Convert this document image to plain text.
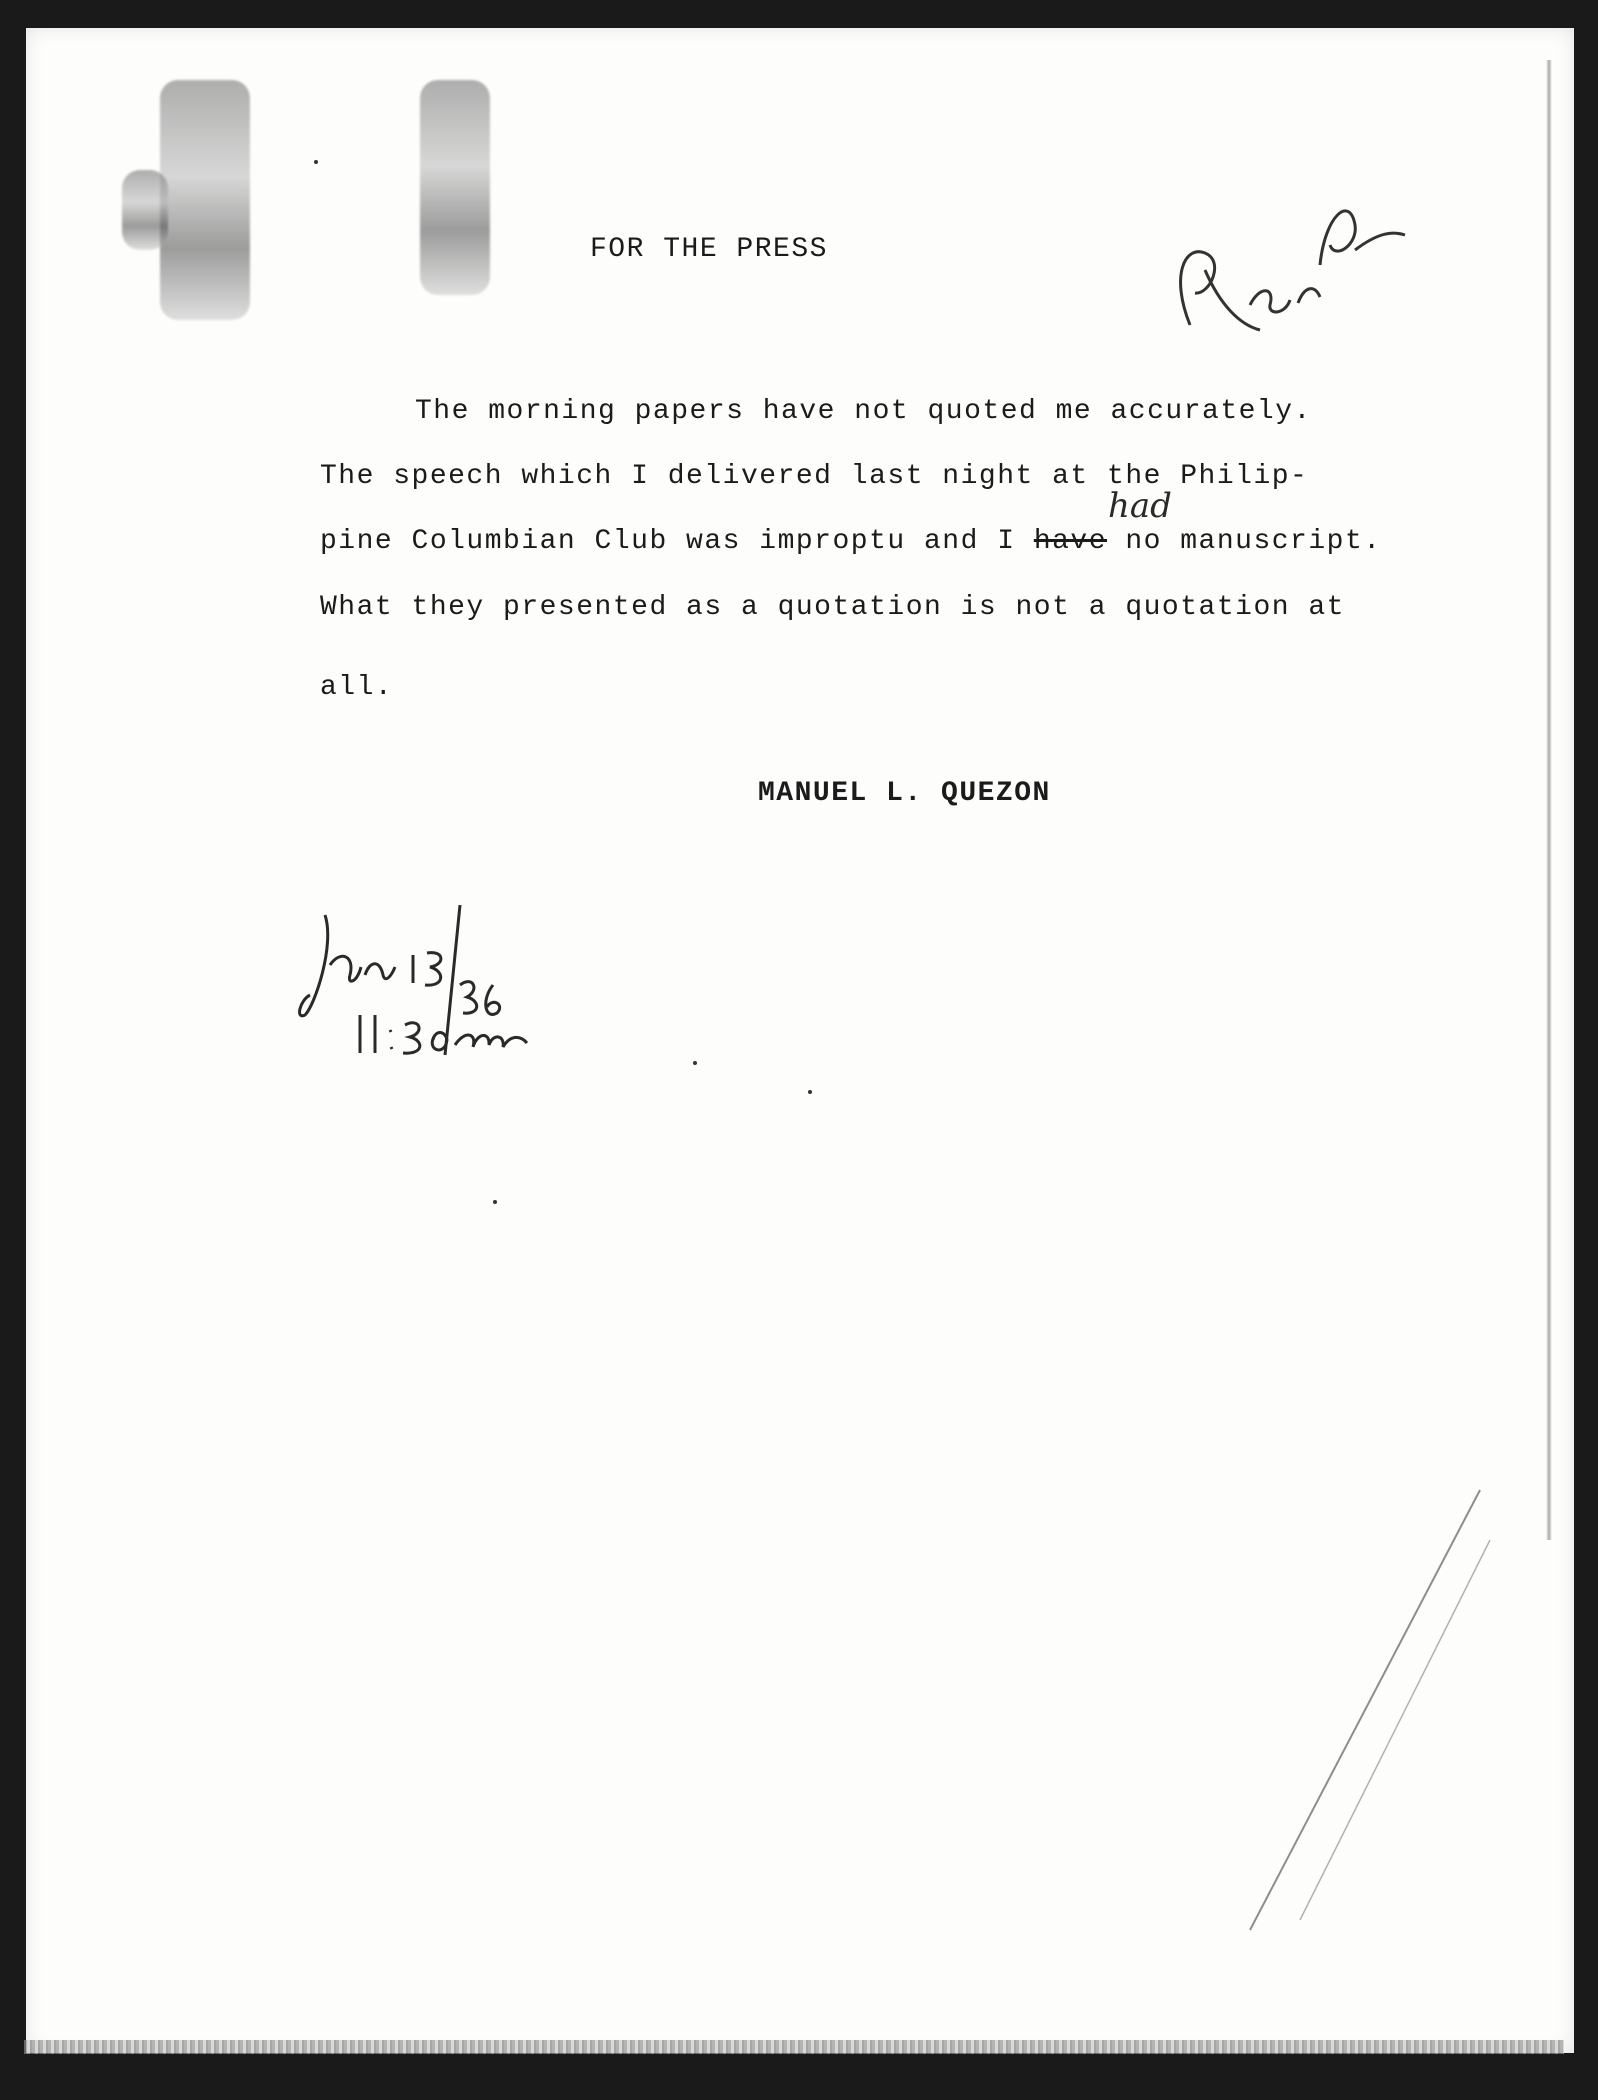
FOR THE PRESS
The morning papers have not quoted me accurately.
The speech which I delivered last night at the Philip-
pine Columbian Club was improptu and I have no manuscript.
What they presented as a quotation is not a quotation at
all.
had
MANUEL L. QUEZON
